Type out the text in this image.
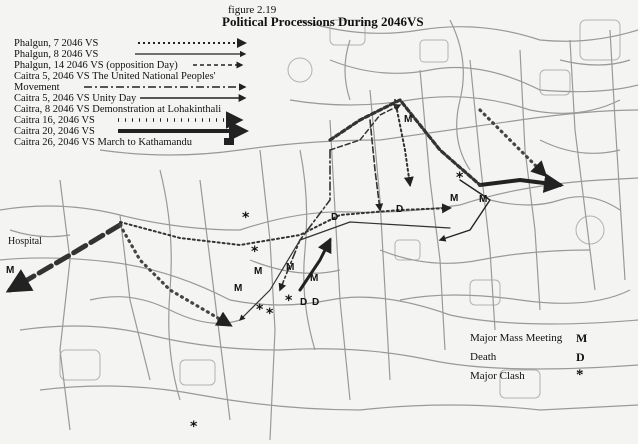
M	M
M
M
M
M M
M
D
D D
D
*
*
* *
*
*
*
Hospital
figure 2.19
Political Processions During 2046VS
Phalgun, 7 2046 VS
Phalgun, 8 2046 VS
Phalgun, 14 2046 VS (opposition Day)
Caitra 5, 2046 VS The United National Peoples'
Movement
Caitra 5, 2046 VS Unity Day
Caitra, 8 2046 VS Demonstration at Lohakinthali
Caitra 16, 2046 VS
Caitra 20, 2046 VS
Caitra 26, 2046 VS March to Kathamandu
Major Mass Meeting M
Death	D
Major Clash	*
